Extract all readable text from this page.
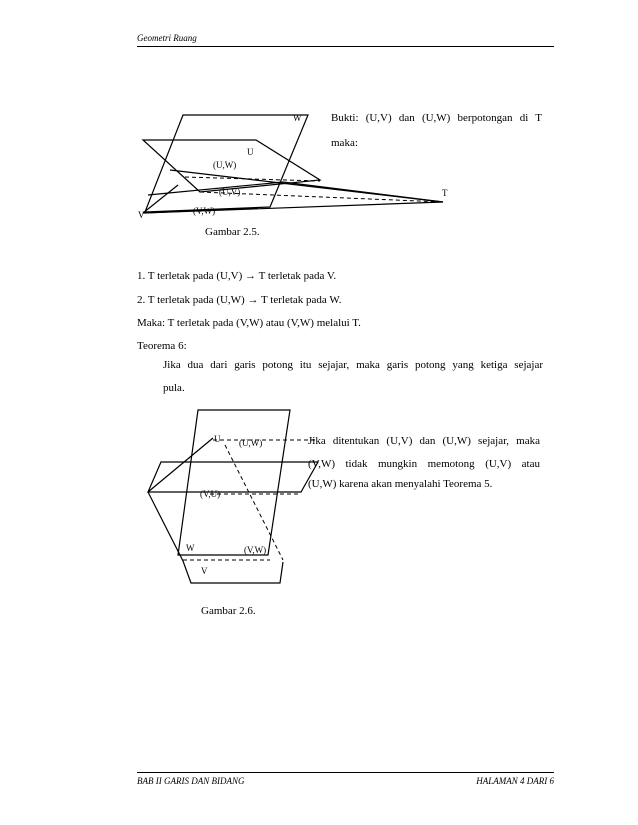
Geometri Ruang
W
U
(U,W)
(U,V)
(V,W)
V
T
Bukti: (U,V) dan (U,W) berpotongan di T
maka:
Gambar 2.5.
1. T terletak pada (U,V) → T terletak pada V.
2. T terletak pada (U,W) → T terletak pada W.
Maka: T terletak pada (V,W) atau (V,W) melalui T.
Teorema 6:
Jika dua dari garis potong itu sejajar, maka garis potong yang ketiga sejajar
pula.
U (U,W)
(V,U)
W	(V,W)
V
Jika ditentukan (U,V) dan (U,W) sejajar, maka
(V,W) tidak mungkin memotong (U,V) atau
(U,W) karena akan menyalahi Teorema 5.
Gambar 2.6.
BAB II GARIS DAN BIDANG	HALAMAN 4 DARI 6
